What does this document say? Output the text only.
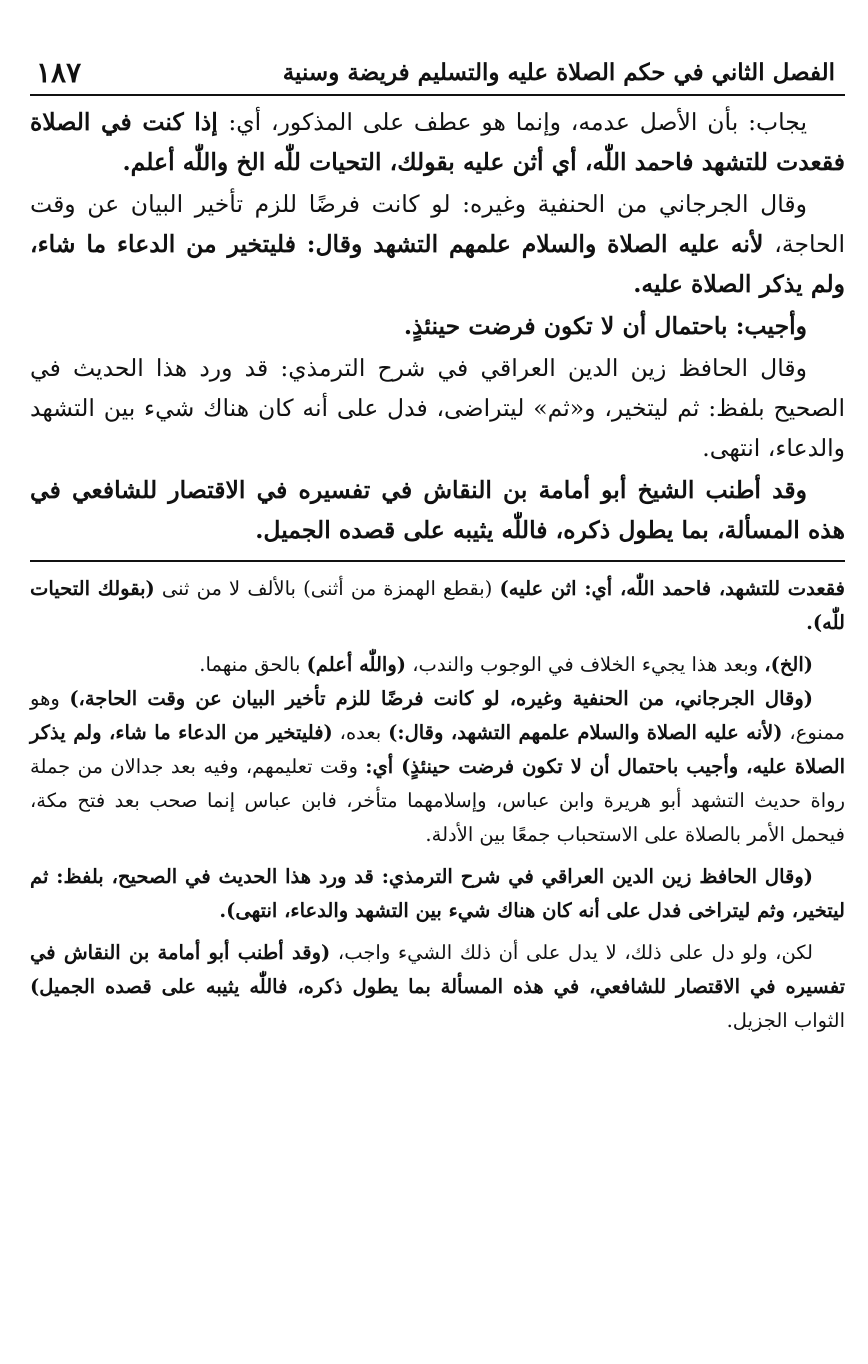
الفصل الثاني في حكم الصلاة عليه والتسليم فريضة وسنية
١٨٧

يجاب: بأن الأصل عدمه، وإنما هو عطف على المذكور، أي: إذا كنت في الصلاة فقعدت للتشهد فاحمد اللّٰه، أي أثن عليه بقولك، التحيات للّٰه الخ واللّٰه أعلم.

وقال الجرجاني من الحنفية وغيره: لو كانت فرضًا للزم تأخير البيان عن وقت الحاجة، لأنه عليه الصلاة والسلام علمهم التشهد وقال: فليتخير من الدعاء ما شاء، ولم يذكر الصلاة عليه.

وأجيب: باحتمال أن لا تكون فرضت حينئذٍ.

وقال الحافظ زين الدين العراقي في شرح الترمذي: قد ورد هذا الحديث في الصحيح بلفظ: ثم ليتخير، و«ثم» ليتراضى، فدل على أنه كان هناك شيء بين التشهد والدعاء، انتهى.

وقد أطنب الشيخ أبو أمامة بن النقاش في تفسيره في الاقتصار للشافعي في هذه المسألة، بما يطول ذكره، فاللّٰه يثيبه على قصده الجميل.

فقعدت للتشهد، فاحمد اللّٰه، أي: اثن عليه) (بقطع الهمزة من أثنى) بالألف لا من ثنى (بقولك التحيات للّٰه).

(الخ)، وبعد هذا يجيء الخلاف في الوجوب والندب، (واللّٰه أعلم) بالحق منهما.

(وقال الجرجاني، من الحنفية وغيره، لو كانت فرضًا للزم تأخير البيان عن وقت الحاجة،) وهو ممنوع، (لأنه عليه الصلاة والسلام علمهم التشهد، وقال:) بعده، (فليتخير من الدعاء ما شاء، ولم يذكر الصلاة عليه، وأجيب باحتمال أن لا تكون فرضت حينئذٍ) أي: وقت تعليمهم، وفيه بعد جدالان من جملة رواة حديث التشهد أبو هريرة وابن عباس، وإسلامهما متأخر، فابن عباس إنما صحب بعد فتح مكة، فيحمل الأمر بالصلاة على الاستحباب جمعًا بين الأدلة.

(وقال الحافظ زين الدين العراقي في شرح الترمذي: قد ورد هذا الحديث في الصحيح، بلفظ: ثم ليتخير، وثم ليتراخى فدل على أنه كان هناك شيء بين التشهد والدعاء، انتهى).

لكن، ولو دل على ذلك، لا يدل على أن ذلك الشيء واجب، (وقد أطنب أبو أمامة بن النقاش في تفسيره في الاقتصار للشافعي، في هذه المسألة بما يطول ذكره، فاللّٰه يثيبه على قصده الجميل) الثواب الجزيل.
